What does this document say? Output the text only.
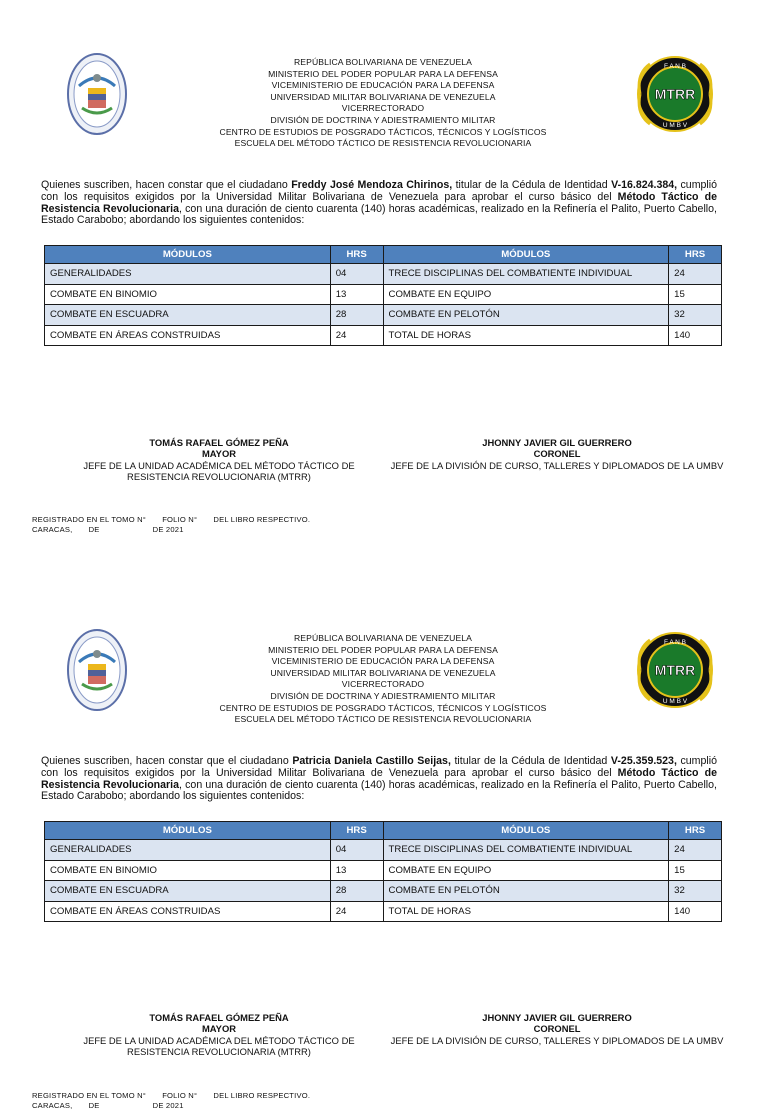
REPÚBLICA BOLIVARIANA DE VENEZUELA
MINISTERIO DEL PODER POPULAR PARA LA DEFENSA
VICEMINISTERIO DE EDUCACIÓN PARA LA DEFENSA
UNIVERSIDAD MILITAR BOLIVARIANA DE VENEZUELA
VICERRECTORADO
DIVISIÓN DE DOCTRINA Y ADIESTRAMIENTO MILITAR
CENTRO DE ESTUDIOS DE POSGRADO TÁCTICOS, TÉCNICOS Y LOGÍSTICOS
ESCUELA DEL MÉTODO TÁCTICO DE RESISTENCIA REVOLUCIONARIA
F A N B
MTRR
U M B V
Quienes suscriben, hacen constar que el ciudadano Freddy José Mendoza Chirinos, titular de la Cédula de Identidad V-16.824.384, cumplió con los requisitos exigidos por la Universidad Militar Bolivariana de Venezuela para aprobar el curso básico del Método Táctico de Resistencia Revolucionaria, con una duración de ciento cuarenta (140) horas académicas, realizado en la Refinería el Palito, Puerto Cabello, Estado Carabobo; abordando los siguientes contenidos:
MÓDULOS	HRS	MÓDULOS	HRS
GENERALIDADES	04	TRECE DISCIPLINAS DEL COMBATIENTE INDIVIDUAL	24
COMBATE EN BINOMIO	13	COMBATE EN EQUIPO	15
COMBATE EN ESCUADRA	28	COMBATE EN PELOTÓN	32
COMBATE EN ÁREAS CONSTRUIDAS	24	TOTAL DE HORAS	140
TOMÁS RAFAEL GÓMEZ PEÑA
MAYOR
JEFE DE LA UNIDAD ACADÉMICA DEL MÉTODO TÁCTICO DE RESISTENCIA REVOLUCIONARIA (MTRR)
JHONNY JAVIER GIL GUERRERO
CORONEL
JEFE DE LA DIVISIÓN DE CURSO, TALLERES Y DIPLOMADOS DE LA UMBV
REGISTRADO EN EL TOMO N°       FOLIO N°       DEL LIBRO RESPECTIVO.
CARACAS,       DE                       DE 2021
REPÚBLICA BOLIVARIANA DE VENEZUELA
MINISTERIO DEL PODER POPULAR PARA LA DEFENSA
VICEMINISTERIO DE EDUCACIÓN PARA LA DEFENSA
UNIVERSIDAD MILITAR BOLIVARIANA DE VENEZUELA
VICERRECTORADO
DIVISIÓN DE DOCTRINA Y ADIESTRAMIENTO MILITAR
CENTRO DE ESTUDIOS DE POSGRADO TÁCTICOS, TÉCNICOS Y LOGÍSTICOS
ESCUELA DEL MÉTODO TÁCTICO DE RESISTENCIA REVOLUCIONARIA
F A N B
MTRR
U M B V
Quienes suscriben, hacen constar que el ciudadano Patricia Daniela Castillo Seijas, titular de la Cédula de Identidad V-25.359.523, cumplió con los requisitos exigidos por la Universidad Militar Bolivariana de Venezuela para aprobar el curso básico del Método Táctico de Resistencia Revolucionaria, con una duración de ciento cuarenta (140) horas académicas, realizado en la Refinería el Palito, Puerto Cabello, Estado Carabobo; abordando los siguientes contenidos:
MÓDULOS	HRS	MÓDULOS	HRS
GENERALIDADES	04	TRECE DISCIPLINAS DEL COMBATIENTE INDIVIDUAL	24
COMBATE EN BINOMIO	13	COMBATE EN EQUIPO	15
COMBATE EN ESCUADRA	28	COMBATE EN PELOTÓN	32
COMBATE EN ÁREAS CONSTRUIDAS	24	TOTAL DE HORAS	140
TOMÁS RAFAEL GÓMEZ PEÑA
MAYOR
JEFE DE LA UNIDAD ACADÉMICA DEL MÉTODO TÁCTICO DE RESISTENCIA REVOLUCIONARIA (MTRR)
JHONNY JAVIER GIL GUERRERO
CORONEL
JEFE DE LA DIVISIÓN DE CURSO, TALLERES Y DIPLOMADOS DE LA UMBV
REGISTRADO EN EL TOMO N°       FOLIO N°       DEL LIBRO RESPECTIVO.
CARACAS,       DE                       DE 2021
